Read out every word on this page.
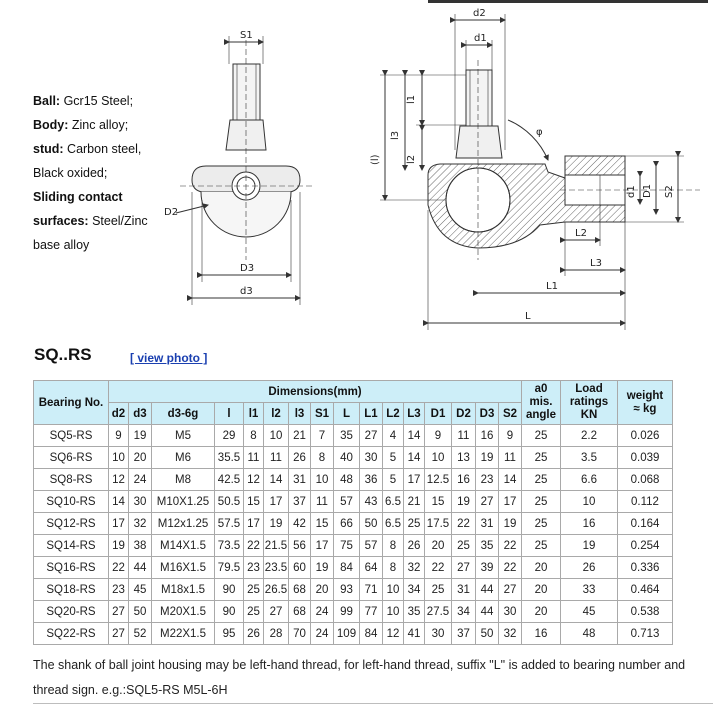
S1
D2
D3
d3
d2
d1
l1
l3
(l)	l2
φ
d1 D1 S2
L2
L3
L1
L
Ball: Gcr15 Steel;
Body: Zinc alloy;
stud: Carbon steel,
Black oxided;
Sliding contact
surfaces: Steel/Zinc
base alloy
SQ..RS	[ view photo ]
Bearing No.	Dimensions(mm)																a0
mis.
angle	Load
ratings
KN	weight
≈ kg
	d2	d3	d3-6g	l	l1	l2	l3	S1	L	L1	L2	L3	D1	D2	D3	S2			
SQ5-RS	9	19	M5	29	8	10	21	7	35	27	4	14	9	11	16	9	25	2.2	0.026
SQ6-RS	10	20	M6	35.5	11	11	26	8	40	30	5	14	10	13	19	11	25	3.5	0.039
SQ8-RS	12	24	M8	42.5	12	14	31	10	48	36	5	17	12.5	16	23	14	25	6.6	0.068
SQ10-RS	14	30	M10X1.25	50.5	15	17	37	11	57	43	6.5	21	15	19	27	17	25	10	0.112
SQ12-RS	17	32	M12x1.25	57.5	17	19	42	15	66	50	6.5	25	17.5	22	31	19	25	16	0.164
SQ14-RS	19	38	M14X1.5	73.5	22	21.5	56	17	75	57	8	26	20	25	35	22	25	19	0.254
SQ16-RS	22	44	M16X1.5	79.5	23	23.5	60	19	84	64	8	32	22	27	39	22	20	26	0.336
SQ18-RS	23	45	M18x1.5	90	25	26.5	68	20	93	71	10	34	25	31	44	27	20	33	0.464
SQ20-RS	27	50	M20X1.5	90	25	27	68	24	99	77	10	35	27.5	34	44	30	20	45	0.538
SQ22-RS	27	52	M22X1.5	95	26	28	70	24	109	84	12	41	30	37	50	32	16	48	0.713
The shank of ball joint housing may be left-hand thread, for left-hand thread, suffix "L" is added to bearing number and thread sign. e.g.:SQL5-RS M5L-6H
